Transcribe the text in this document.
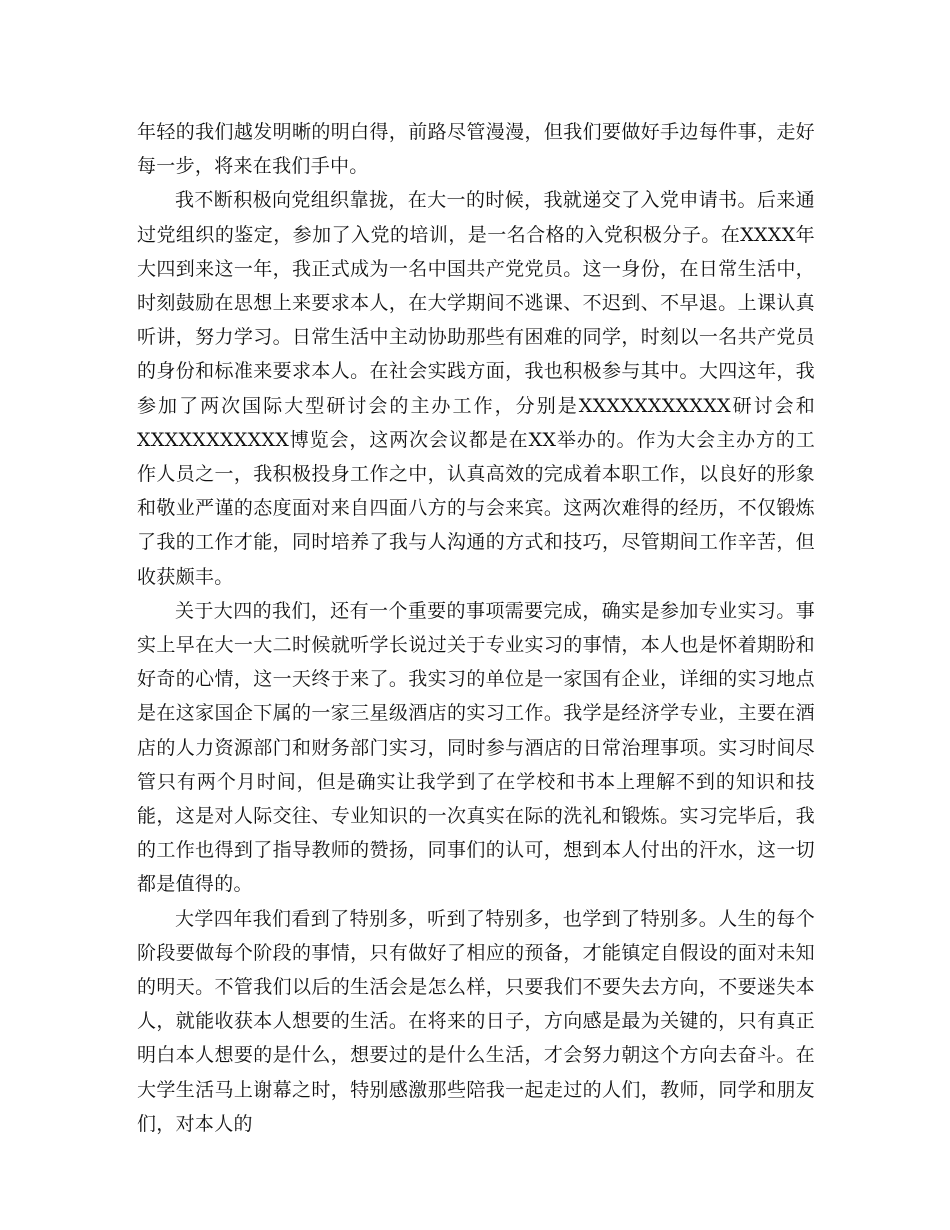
年轻的我们越发明晰的明白得，前路尽管漫漫，但我们要做好手边每件事，走好每一步，将来在我们手中。

我不断积极向党组织靠拢，在大一的时候，我就递交了入党申请书。后来通过党组织的鉴定，参加了入党的培训，是一名合格的入党积极分子。在XXXX年大四到来这一年，我正式成为一名中国共产党党员。这一身份，在日常生活中，时刻鼓励在思想上来要求本人，在大学期间不逃课、不迟到、不早退。上课认真听讲，努力学习。日常生活中主动协助那些有困难的同学，时刻以一名共产党员的身份和标准来要求本人。在社会实践方面，我也积极参与其中。大四这年，我参加了两次国际大型研讨会的主办工作，分别是XXXXXXXXXXX研讨会和XXXXXXXXXXX博览会，这两次会议都是在XX举办的。作为大会主办方的工作人员之一，我积极投身工作之中，认真高效的完成着本职工作，以良好的形象和敬业严谨的态度面对来自四面八方的与会来宾。这两次难得的经历，不仅锻炼了我的工作才能，同时培养了我与人沟通的方式和技巧，尽管期间工作辛苦，但收获颇丰。

关于大四的我们，还有一个重要的事项需要完成，确实是参加专业实习。事实上早在大一大二时候就听学长说过关于专业实习的事情，本人也是怀着期盼和好奇的心情，这一天终于来了。我实习的单位是一家国有企业，详细的实习地点是在这家国企下属的一家三星级酒店的实习工作。我学是经济学专业，主要在酒店的人力资源部门和财务部门实习，同时参与酒店的日常治理事项。实习时间尽管只有两个月时间，但是确实让我学到了在学校和书本上理解不到的知识和技能，这是对人际交往、专业知识的一次真实在际的洗礼和锻炼。实习完毕后，我的工作也得到了指导教师的赞扬，同事们的认可，想到本人付出的汗水，这一切都是值得的。

大学四年我们看到了特别多，听到了特别多，也学到了特别多。人生的每个阶段要做每个阶段的事情，只有做好了相应的预备，才能镇定自假设的面对未知的明天。不管我们以后的生活会是怎么样，只要我们不要失去方向，不要迷失本人，就能收获本人想要的生活。在将来的日子，方向感是最为关键的，只有真正明白本人想要的是什么，想要过的是什么生活，才会努力朝这个方向去奋斗。在大学生活马上谢幕之时，特别感激那些陪我一起走过的人们，教师，同学和朋友们，对本人的
